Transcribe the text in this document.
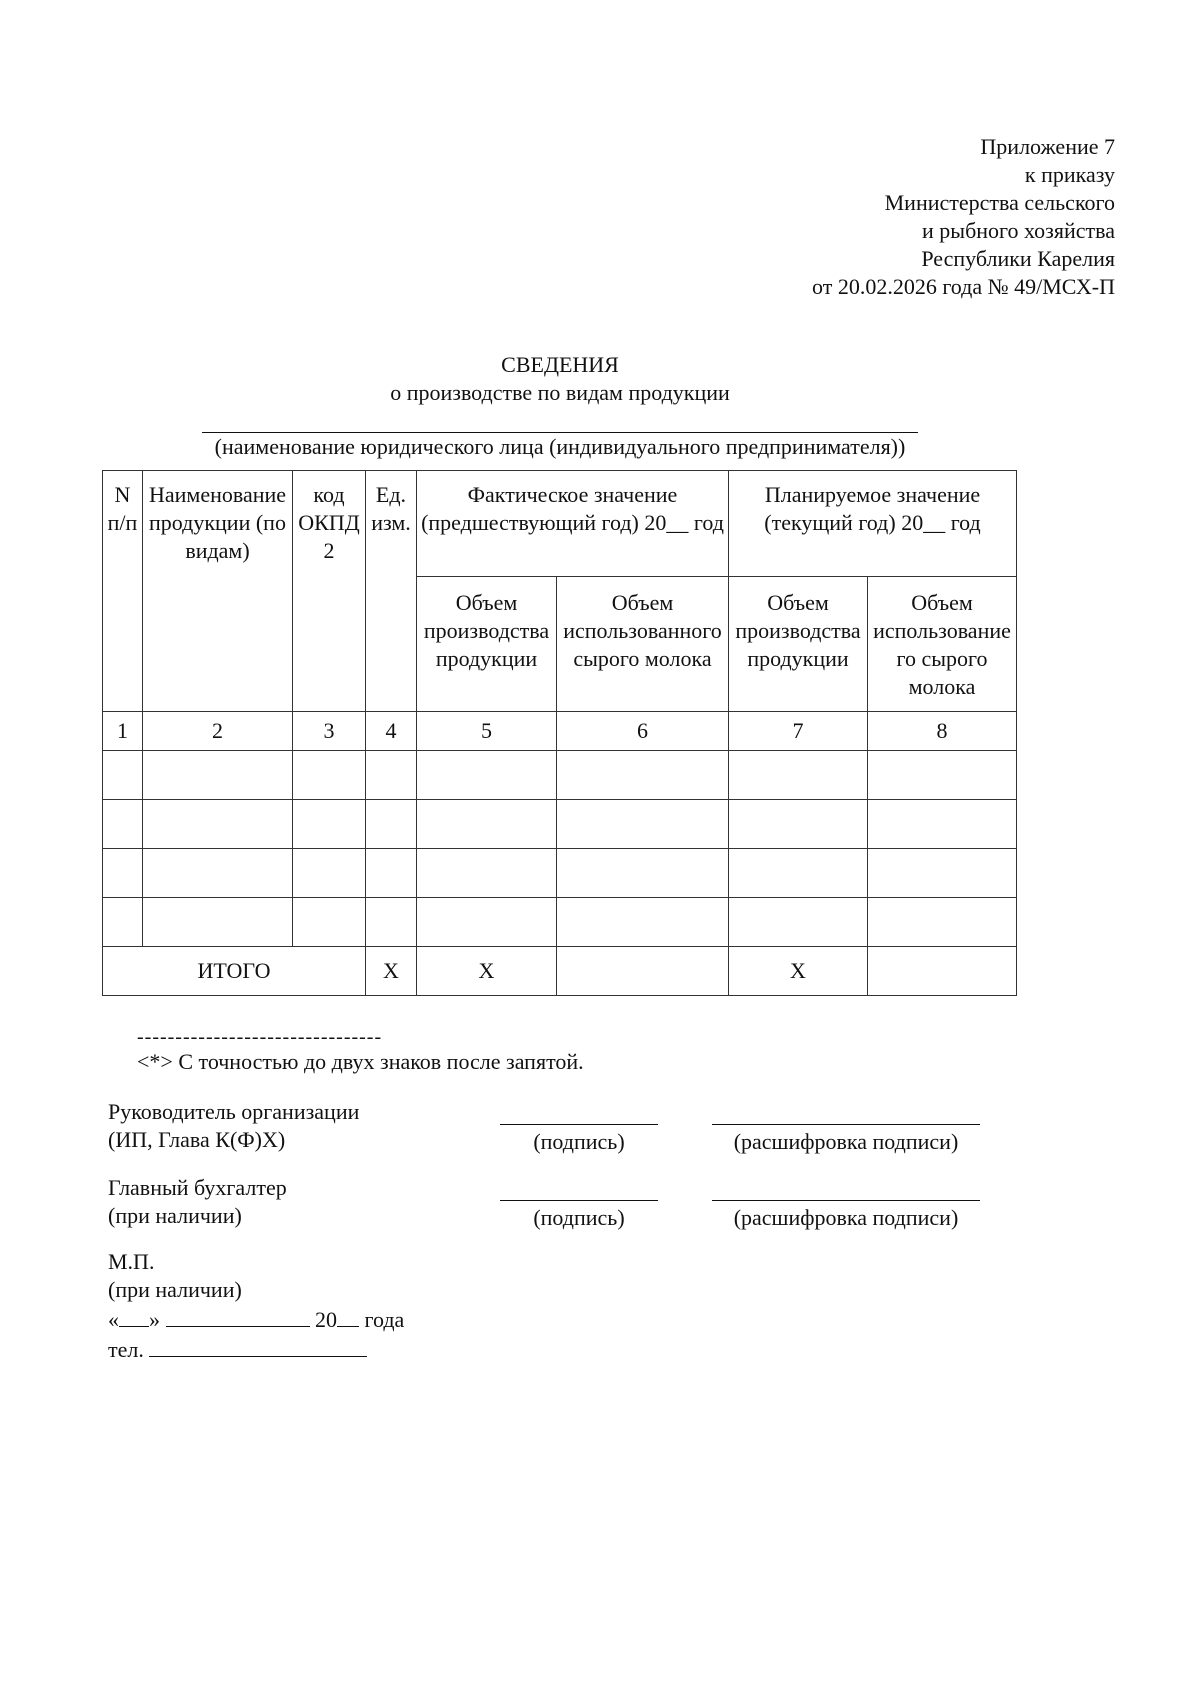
Приложение 7
к приказу
Министерства сельского
и рыбного хозяйства
Республики Карелия
от 20.02.2026 года № 49/МСХ-П
СВЕДЕНИЯ
о производстве по видам продукции
(наименование юридического лица (индивидуального предпринимателя))
N п/п	Наименование продукции (по видам)	код ОКПД 2	Ед. изм.	Фактическое значение (предшествующий год) 20__ год		Планируемое значение (текущий год) 20__ год	
				Объем производства продукции	Объем использованного сырого молока	Объем производства продукции	Объем использование го сырого молока
1	2	3	4	5	6	7	8

ИТОГО			Х	Х		Х	
--------------------------------
<*> С точностью до двух знаков после запятой.
Руководитель организации
(ИП, Глава К(Ф)Х)	(подпись)	(расшифровка подписи)
Главный бухгалтер
(при наличии)	(подпись)	(расшифровка подписи)
М.П.
(при наличии)
« »	20 года
тел.
